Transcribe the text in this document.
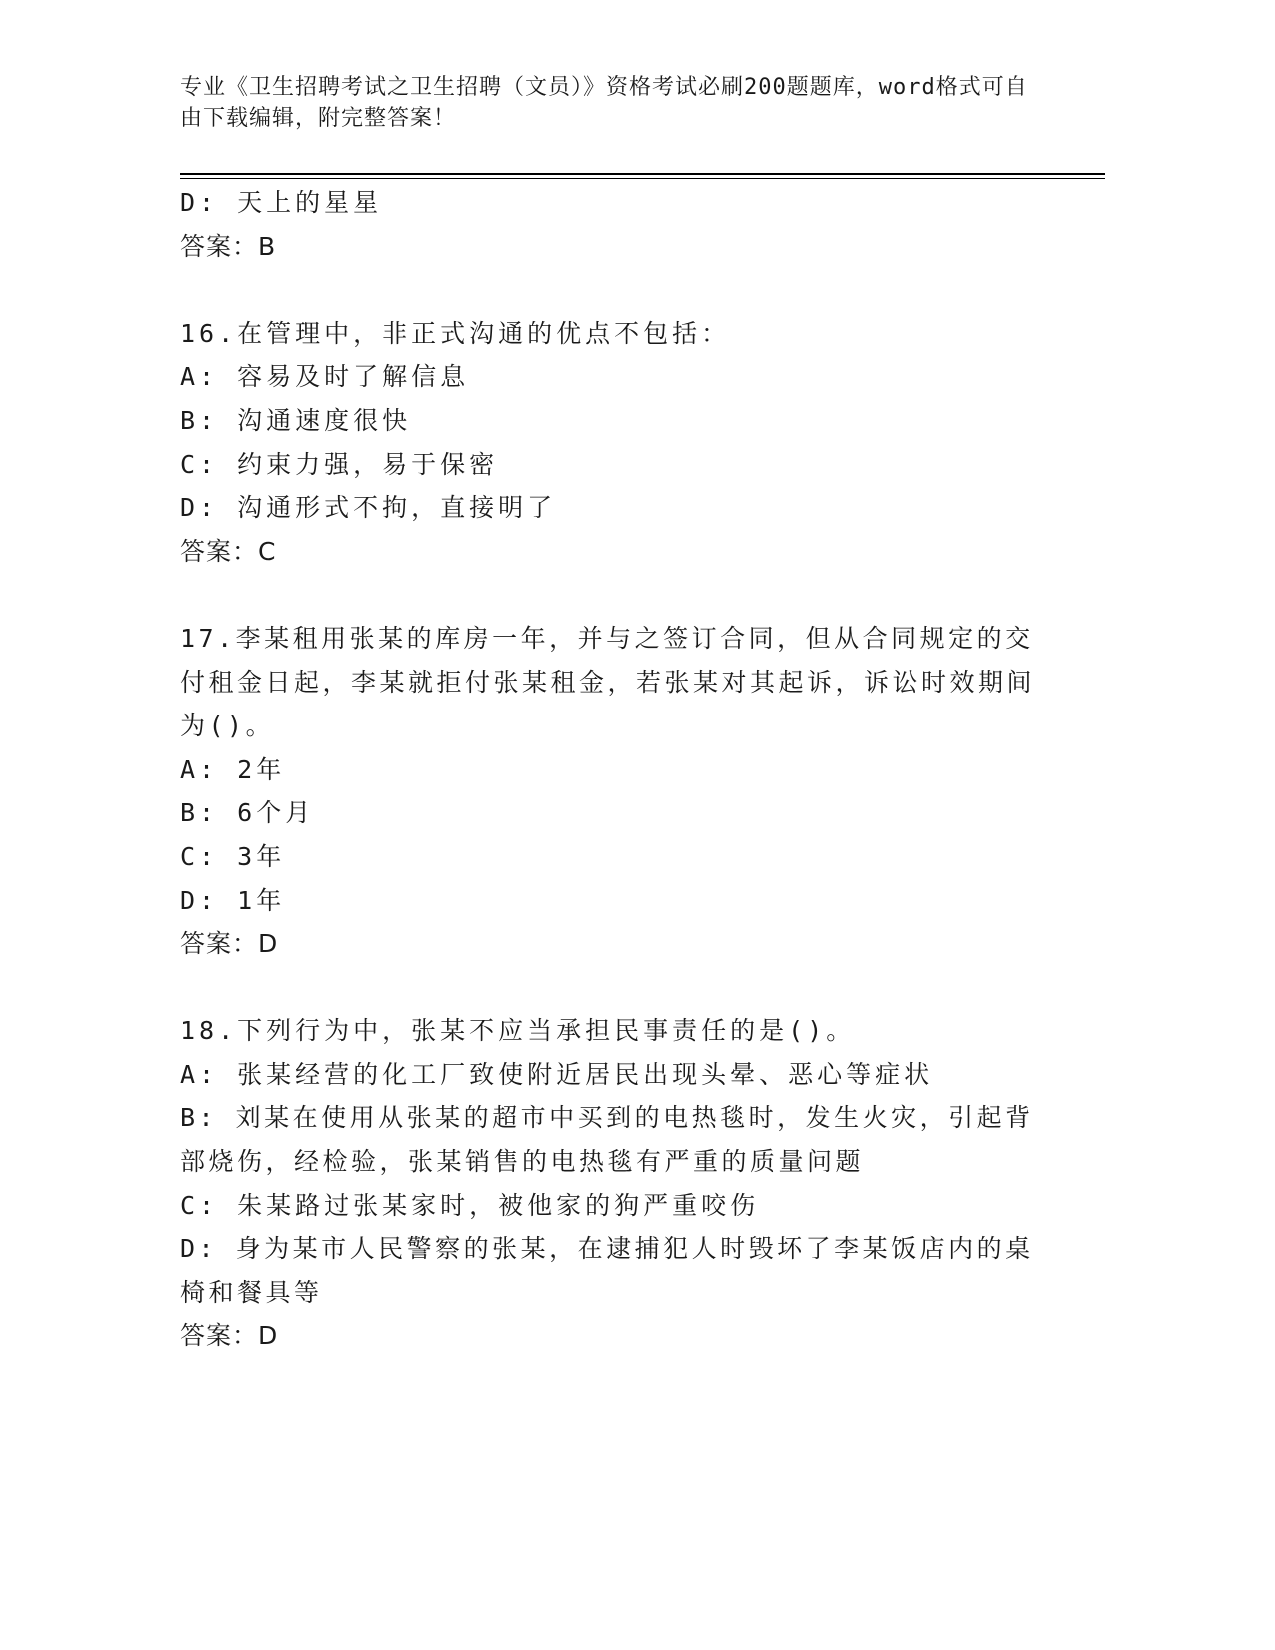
专业《卫生招聘考试之卫生招聘（文员）》资格考试必刷200题题库，word格式可自由下载编辑，附完整答案！
D: 天上的星星
答案：B
16.在管理中，非正式沟通的优点不包括：
A: 容易及时了解信息
B: 沟通速度很快
C: 约束力强，易于保密
D: 沟通形式不拘，直接明了
答案：C
17.李某租用张某的库房一年，并与之签订合同，但从合同规定的交付租金日起，李某就拒付张某租金，若张某对其起诉，诉讼时效期间为()。
A: 2年
B: 6个月
C: 3年
D: 1年
答案：D
18.下列行为中，张某不应当承担民事责任的是()。
A: 张某经营的化工厂致使附近居民出现头晕、恶心等症状
B: 刘某在使用从张某的超市中买到的电热毯时，发生火灾，引起背部烧伤，经检验，张某销售的电热毯有严重的质量问题
C: 朱某路过张某家时，被他家的狗严重咬伤
D: 身为某市人民警察的张某，在逮捕犯人时毁坏了李某饭店内的桌椅和餐具等
答案：D
